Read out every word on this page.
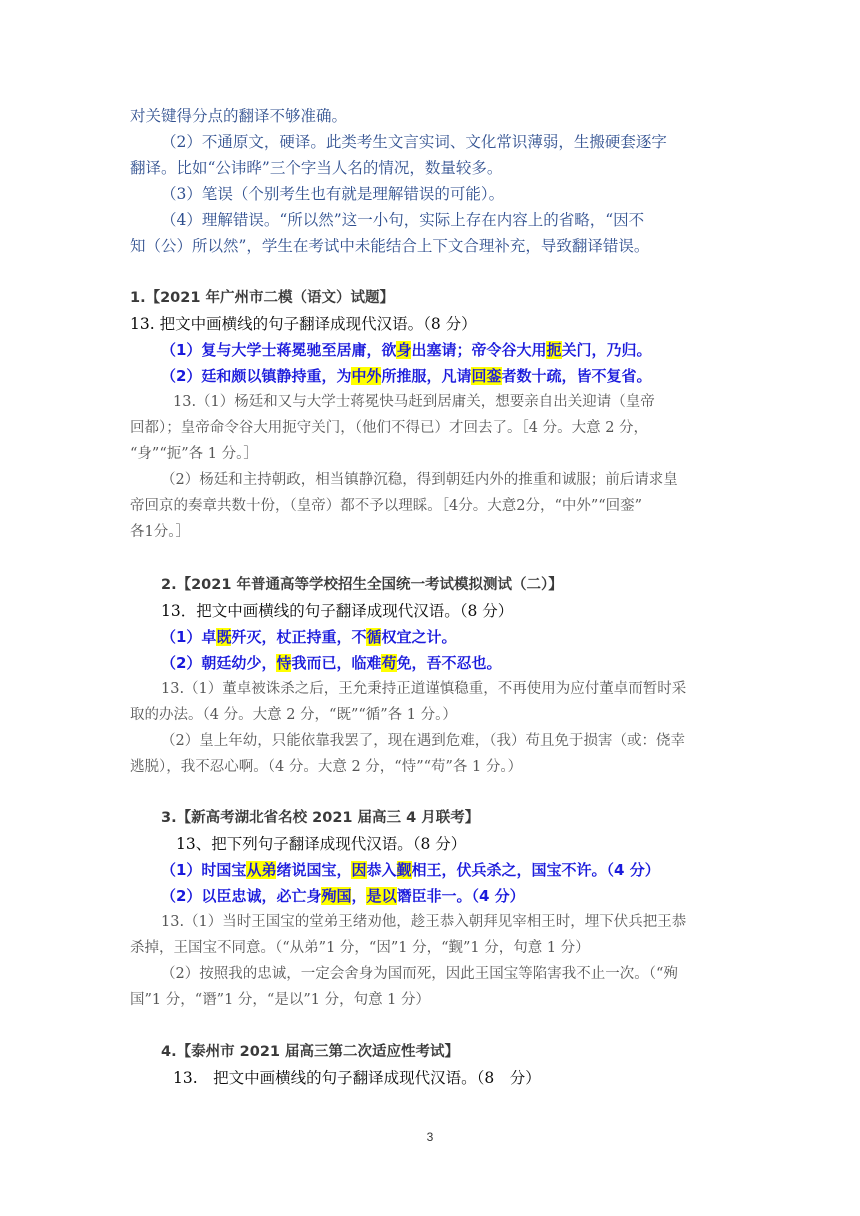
对关键得分点的翻译不够准确。
（2）不通原文，硬译。此类考生文言实词、文化常识薄弱，生搬硬套逐字
翻译。比如“公讳晔”三个字当人名的情况，数量较多。
（3）笔误（个别考生也有就是理解错误的可能）。
（4）理解错误。“所以然”这一小句，实际上存在内容上的省略，“因不
知（公）所以然”，学生在考试中未能结合上下文合理补充，导致翻译错误。
1.【2021 年广州市二模（语文）试题】
13. 把文中画横线的句子翻译成现代汉语。（8 分）
（1）复与大学士蒋冕驰至居庸，欲身出塞请；帝令谷大用扼关门，乃归。
（2）廷和颇以镇静持重，为中外所推服，凡请回銮者数十疏，皆不复省。
13.（1）杨廷和又与大学士蒋冕快马赶到居庸关，想要亲自出关迎请（皇帝
回都）；皇帝命令谷大用扼守关门，（他们不得已）才回去了。［4 分。大意 2 分，
“身”“扼”各 1 分。］
（2）杨廷和主持朝政，相当镇静沉稳，得到朝廷内外的推重和诚服；前后请求皇
帝回京的奏章共数十份，（皇帝）都不予以理睬。［4分。大意2分，“中外”“回銮”
各1分。］
2.【2021 年普通高等学校招生全国统一考试模拟测试（二）】
13．把文中画横线的句子翻译成现代汉语。（8 分）
（1）卓既歼灭，杖正持重，不循权宜之计。
（2）朝廷幼少，恃我而已，临难苟免，吾不忍也。
13.（1）董卓被诛杀之后，王允秉持正道谨慎稳重，不再使用为应付董卓而暂时采
取的办法。（4 分。大意 2 分，“既”“循”各 1 分。）
（2）皇上年幼，只能依靠我罢了，现在遇到危难，（我）苟且免于损害（或：侥幸
逃脱），我不忍心啊。（4 分。大意 2 分，“恃”“苟”各 1 分。）
3.【新高考湖北省名校 2021 届高三 4 月联考】
13、把下列句子翻译成现代汉语。（8 分）
（1）时国宝从弟绪说国宝，因恭入觐相王，伏兵杀之，国宝不许。（4 分）
（2）以臣忠诚，必亡身殉国，是以谮臣非一。（4 分）
13.（1）当时王国宝的堂弟王绪劝他，趁王恭入朝拜见宰相王时，埋下伏兵把王恭
杀掉，王国宝不同意。（“从弟”1 分，“因”1 分，“觐”1 分，句意 1 分）
（2）按照我的忠诚，一定会舍身为国而死，因此王国宝等陷害我不止一次。（“殉
国”1 分，“谮”1 分，“是以”1 分，句意 1 分）
4.【泰州市 2021 届高三第二次适应性考试】
13.　把文中画横线的句子翻译成现代汉语。（8　分）
3
